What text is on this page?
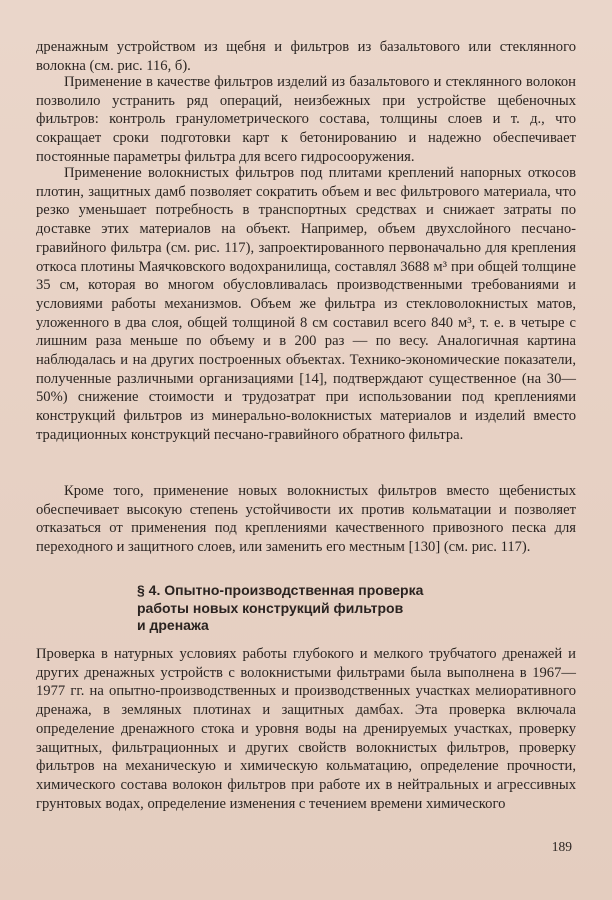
дренажным устройством из щебня и фильтров из базальтового или стеклянного волокна (см. рис. 116, б).

Применение в качестве фильтров изделий из базальтового и стеклянного волокон позволило устранить ряд операций, неизбежных при устройстве щебеночных фильтров: контроль гранулометрического состава, толщины слоев и т. д., что сокращает сроки подготовки карт к бетонированию и надежно обеспечивает постоянные параметры фильтра для всего гидросооружения.

Применение волокнистых фильтров под плитами креплений напорных откосов плотин, защитных дамб позволяет сократить объем и вес фильтрового материала, что резко уменьшает потребность в транспортных средствах и снижает затраты по доставке этих материалов на объект. Например, объем двухслойного песчано-гравийного фильтра (см. рис. 117), запроектированного первоначально для крепления откоса плотины Маячковского водохранилища, составлял 3688 м³ при общей толщине 35 см, которая во многом обусловливалась производственными требованиями и условиями работы механизмов. Объем же фильтра из стекловолокнистых матов, уложенного в два слоя, общей толщиной 8 см составил всего 840 м³, т. е. в четыре с лишним раза меньше по объему и в 200 раз — по весу. Аналогичная картина наблюдалась и на других построенных объектах. Технико-экономические показатели, полученные различными организациями [14], подтверждают существенное (на 30—50%) снижение стоимости и трудозатрат при использовании под креплениями конструкций фильтров из минерально-волокнистых материалов и изделий вместо традиционных конструкций песчано-гравийного обратного фильтра.

Кроме того, применение новых волокнистых фильтров вместо щебенистых обеспечивает высокую степень устойчивости их против кольматации и позволяет отказаться от применения под креплениями качественного привозного песка для переходного и защитного слоев, или заменить его местным [130] (см. рис. 117).

§ 4. Опытно-производственная проверка
работы новых конструкций фильтров
и дренажа

Проверка в натурных условиях работы глубокого и мелкого трубчатого дренажей и других дренажных устройств с волокнистыми фильтрами была выполнена в 1967—1977 гг. на опытно-производственных и производственных участках мелиоративного дренажа, в земляных плотинах и защитных дамбах. Эта проверка включала определение дренажного стока и уровня воды на дренируемых участках, проверку защитных, фильтрационных и других свойств волокнистых фильтров, проверку фильтров на механическую и химическую кольматацию, определение прочности, химического состава волокон фильтров при работе их в нейтральных и агрессивных грунтовых водах, определение изменения с течением времени химического

189
